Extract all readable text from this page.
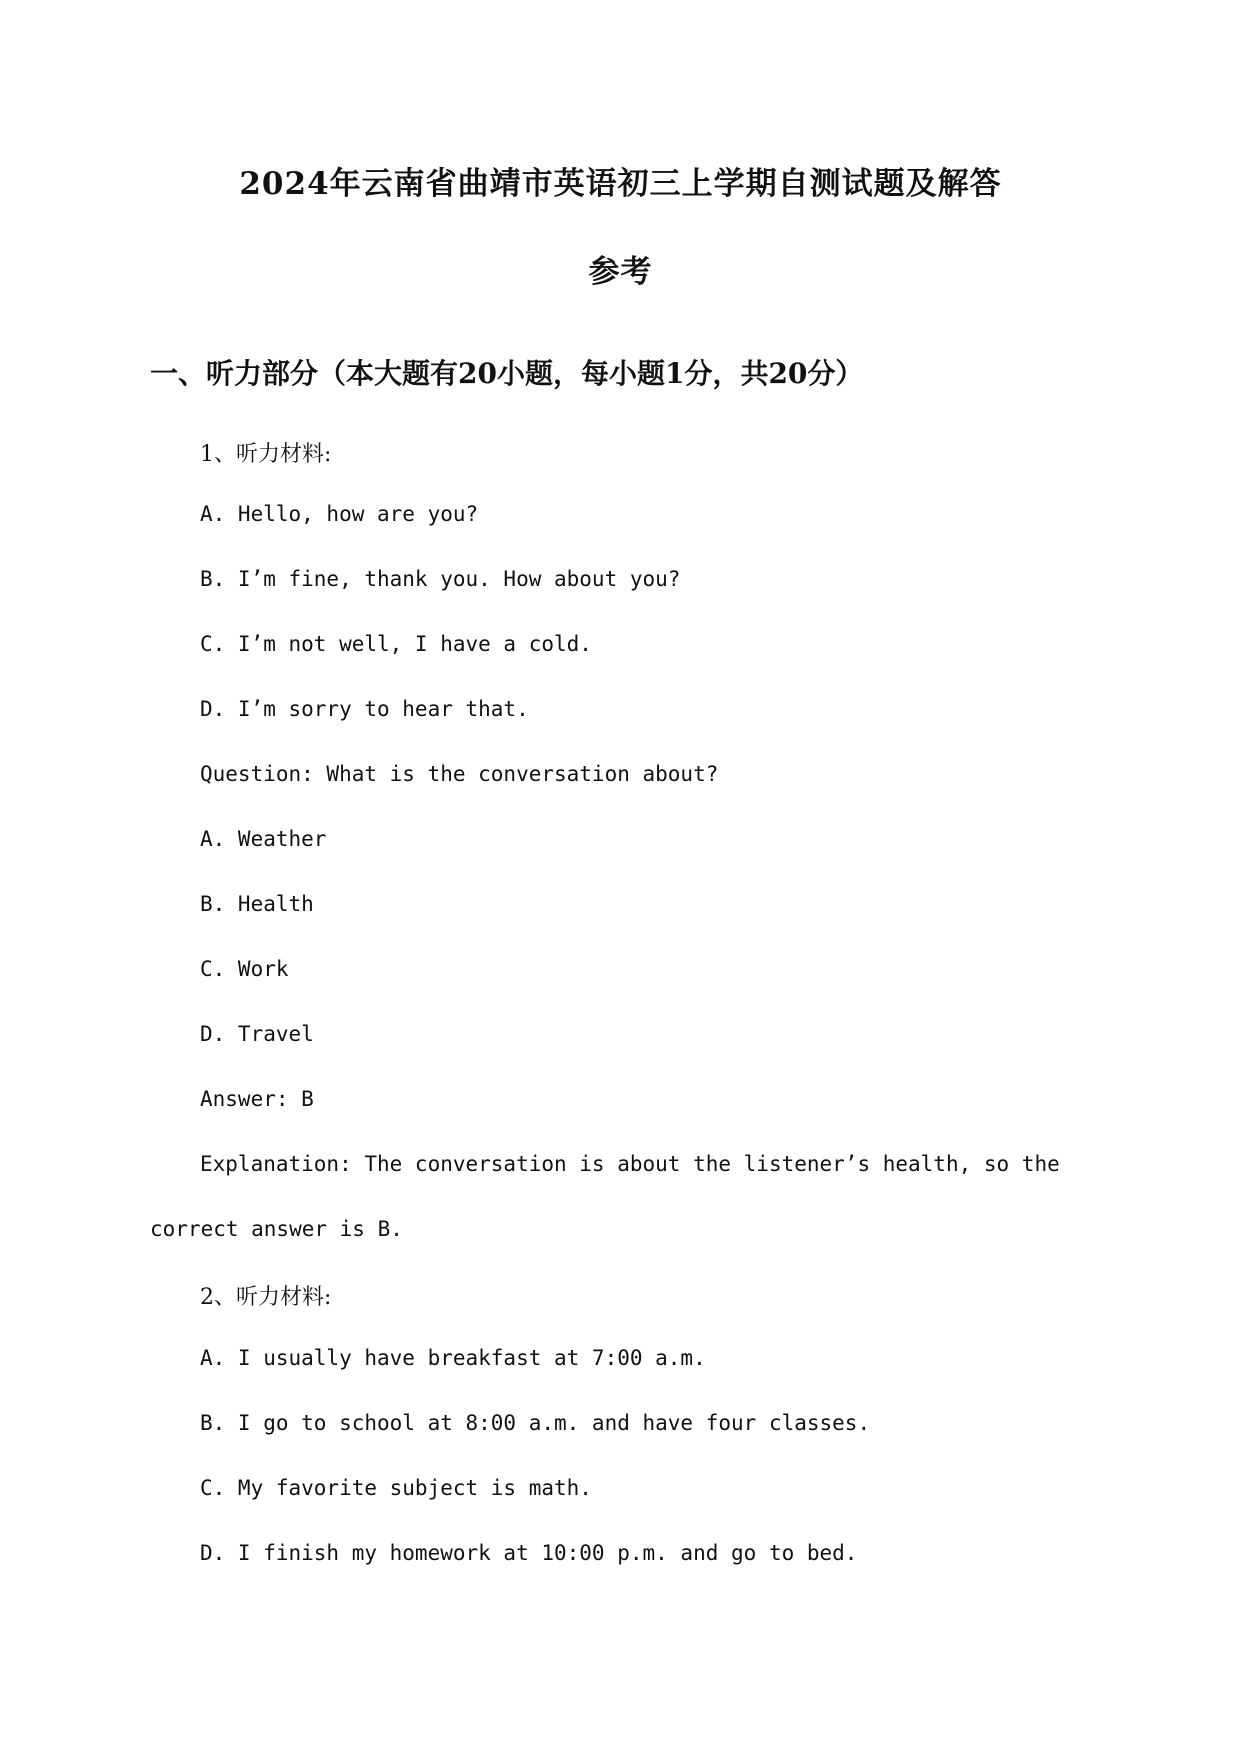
2024年云南省曲靖市英语初三上学期自测试题及解答
参考
一、听力部分（本大题有20小题，每小题1分，共20分）

1、听力材料:

A. Hello, how are you?

B. I’m fine, thank you. How about you?

C. I’m not well, I have a cold.

D. I’m sorry to hear that.

Question: What is the conversation about?

A. Weather

B. Health

C. Work

D. Travel

Answer: B

Explanation: The conversation is about the listener’s health, so the

correct answer is B.

2、听力材料:

A. I usually have breakfast at 7:00 a.m.

B. I go to school at 8:00 a.m. and have four classes.

C. My favorite subject is math.

D. I finish my homework at 10:00 p.m. and go to bed.
